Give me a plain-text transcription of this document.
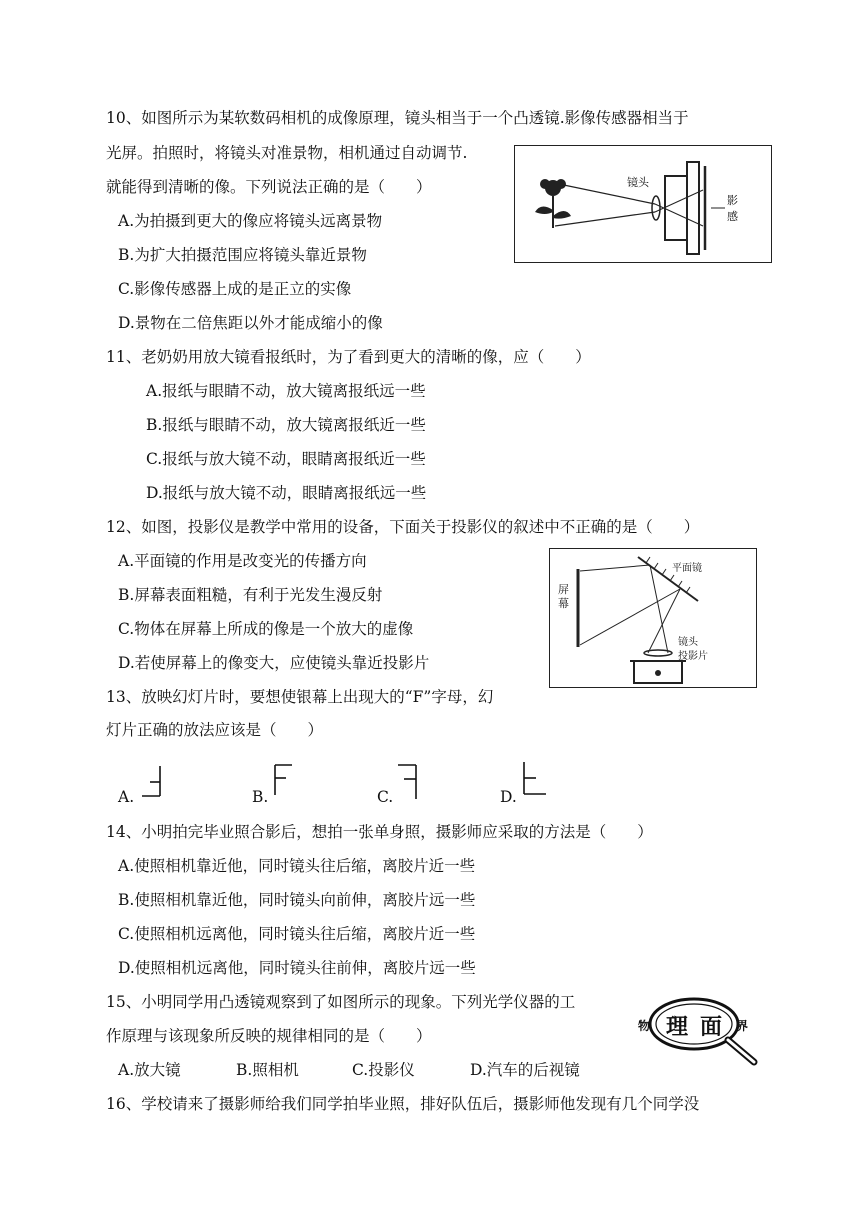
10、如图所示为某软数码相机的成像原理，镜头相当于一个凸透镜.影像传感器相当于
光屏。拍照时，将镜头对准景物，相机通过自动调节.
就能得到清晰的像。下列说法正确的是（　　）
A.为拍摄到更大的像应将镜头远离景物
B.为扩大拍摄范围应将镜头靠近景物
C.影像传感器上成的是正立的实像
D.景物在二倍焦距以外才能成缩小的像
镜头
影
感
11、老奶奶用放大镜看报纸时，为了看到更大的清晰的像，应（　　）
A.报纸与眼睛不动，放大镜离报纸远一些
B.报纸与眼睛不动，放大镜离报纸近一些
C.报纸与放大镜不动，眼睛离报纸近一些
D.报纸与放大镜不动，眼睛离报纸远一些
12、如图，投影仪是教学中常用的设备，下面关于投影仪的叙述中不正确的是（　　）
A.平面镜的作用是改变光的传播方向
B.屏幕表面粗糙，有利于光发生漫反射
C.物体在屏幕上所成的像是一个放大的虚像
D.若使屏幕上的像变大，应使镜头靠近投影片
屏
幕
平面镜
镜头
投影片
13、放映幻灯片时，要想使银幕上出现大的“F”字母，幻
灯片正确的放法应该是（　　）
A.	B.	C.	D.
14、小明拍完毕业照合影后，想拍一张单身照，摄影师应采取的方法是（　　）
A.使照相机靠近他，同时镜头往后缩，离胶片近一些
B.使照相机靠近他，同时镜头向前伸，离胶片远一些
C.使照相机远离他，同时镜头往后缩，离胶片近一些
D.使照相机远离他，同时镜头往前伸，离胶片远一些
15、小明同学用凸透镜观察到了如图所示的现象。下列光学仪器的工
作原理与该现象所反映的规律相同的是（　　）
A.放大镜	B.照相机	C.投影仪	D.汽车的后视镜
物 理 面 界
16、学校请来了摄影师给我们同学拍毕业照，排好队伍后，摄影师他发现有几个同学没
